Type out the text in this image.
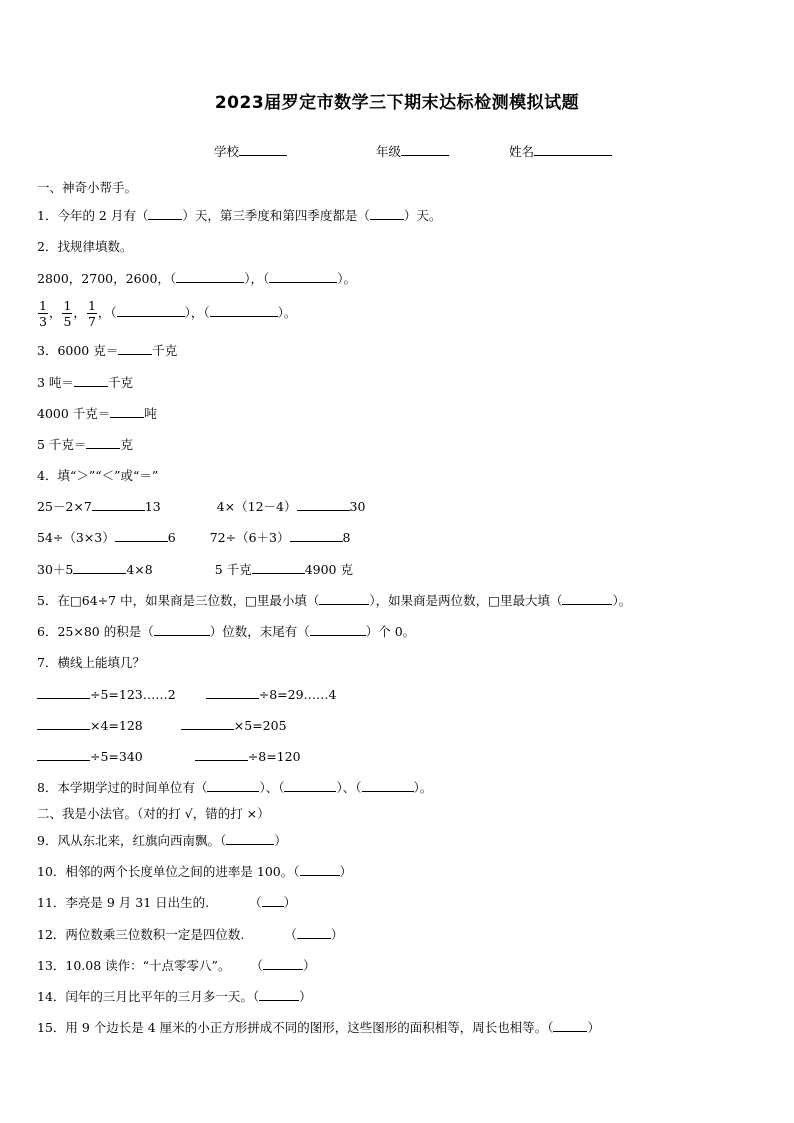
2023届罗定市数学三下期末达标检测模拟试题
学校	年级	姓名
一、神奇小帮手。
1．今年的 2 月有（	）天，第三季度和第四季度都是（	）天。
2．找规律填数。
2800，2700，2600，（	），（	）。
$\frac{1}{3}$ ， $\frac{1}{5}$ ， $\frac{1}{7}$ ，（	），（	）。
3．6000 克＝	千克
3 吨＝	千克
4000 千克＝	吨
5 千克＝	克
4．填“＞”“＜”或“＝”
25－2×7	13	4×（12－4）	30
54÷（3×3）	6	72÷（6＋3）	8
30＋5	4×8	5 千克	4900 克
5．在□64÷7 中，如果商是三位数，□里最小填（	），如果商是两位数，□里最大填（	）。
6．25×80 的积是（	）位数，末尾有（	）个 0。
7．横线上能填几？
÷5=123……2	÷8=29……4
×4=128	×5=205
÷5=340	÷8=120
8．本学期学过的时间单位有（	）、（	）、（	）。
二、我是小法官。（对的打 √，错的打 ×）
9．风从东北来，红旗向西南飘。（	）
10．相邻的两个长度单位之间的进率是 100。（	）
11．李亮是 9 月 31 日出生的.	（ ）
12．两位数乘三位数积一定是四位数.	（	）
13．10.08 读作：“十点零零八”。 （	）
14．闰年的三月比平年的三月多一天。（	）
15．用 9 个边长是 4 厘米的小正方形拼成不同的图形，这些图形的面积相等，周长也相等。（	）
